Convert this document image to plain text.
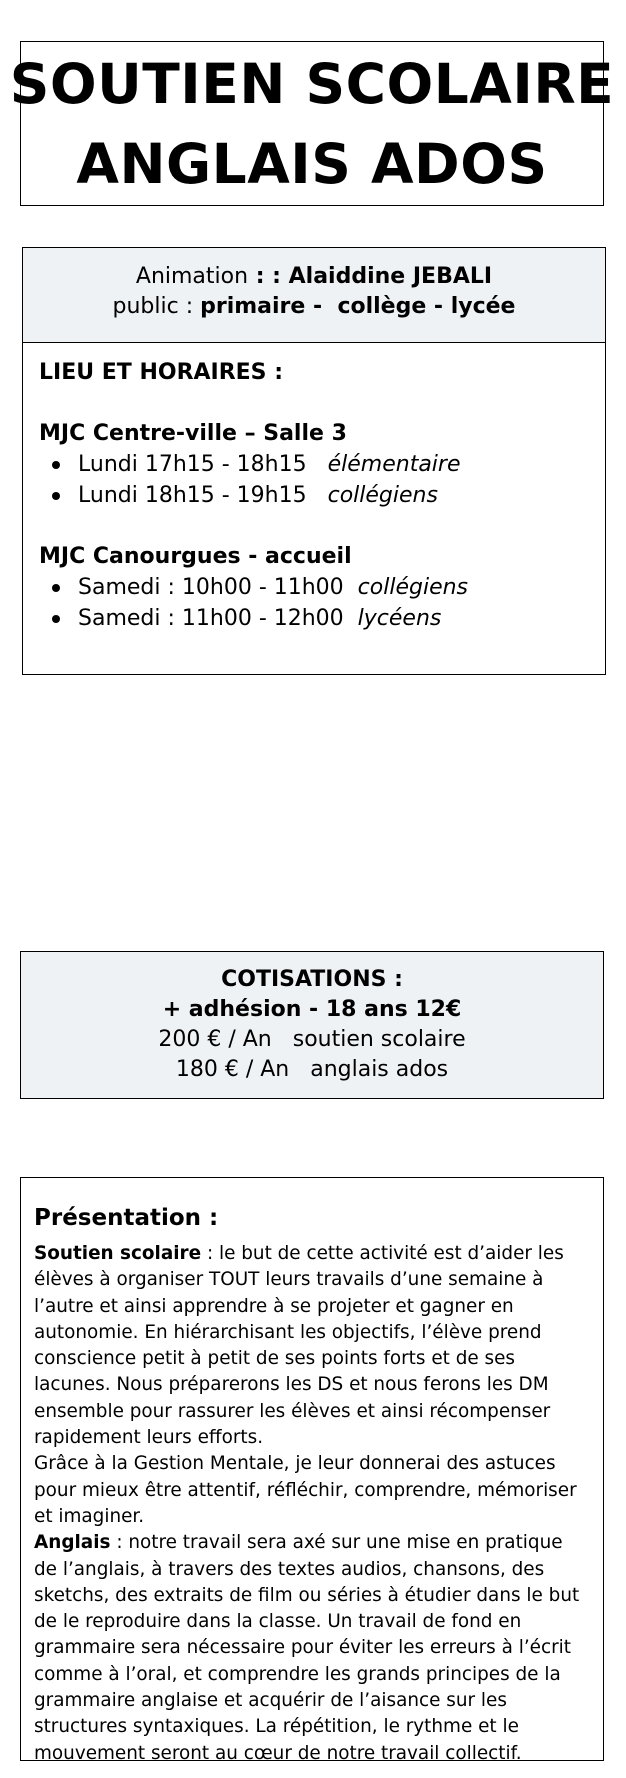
SOUTIEN SCOLAIRE
ANGLAIS ADOS
Animation : : Alaiddine JEBALI
public : primaire -  collège - lycée
LIEU ET HORAIRES :
MJC Centre-ville – Salle 3
Lundi 17h15 - 18h15   élémentaire
Lundi 18h15 - 19h15   collégiens
MJC Canourgues - accueil
Samedi : 10h00 - 11h00  collégiens
Samedi : 11h00 - 12h00  lycéens
COTISATIONS :
+ adhésion - 18 ans 12€
200 € / An   soutien scolaire
180 € / An   anglais ados
Présentation :

Soutien scolaire : le but de cette activité est d’aider les élèves à organiser TOUT leurs travails d’une semaine à l’autre et ainsi apprendre à se projeter et gagner en autonomie. En hiérarchisant les objectifs, l’élève prend conscience petit à petit de ses points forts et de ses lacunes. Nous préparerons les DS et nous ferons les DM ensemble pour rassurer les élèves et ainsi récompenser rapidement leurs efforts.

Grâce à la Gestion Mentale, je leur donnerai des astuces pour mieux être attentif, réfléchir, comprendre, mémoriser et imaginer.

Anglais : notre travail sera axé sur une mise en pratique de l’anglais, à travers des textes audios, chansons, des sketchs, des extraits de film ou séries à étudier dans le but de le reproduire dans la classe. Un travail de fond en grammaire sera nécessaire pour éviter les erreurs à l’écrit comme à l’oral, et comprendre les grands principes de la grammaire anglaise et acquérir de l’aisance sur les structures syntaxiques. La répétition, le rythme et le mouvement seront au cœur de notre travail collectif.
